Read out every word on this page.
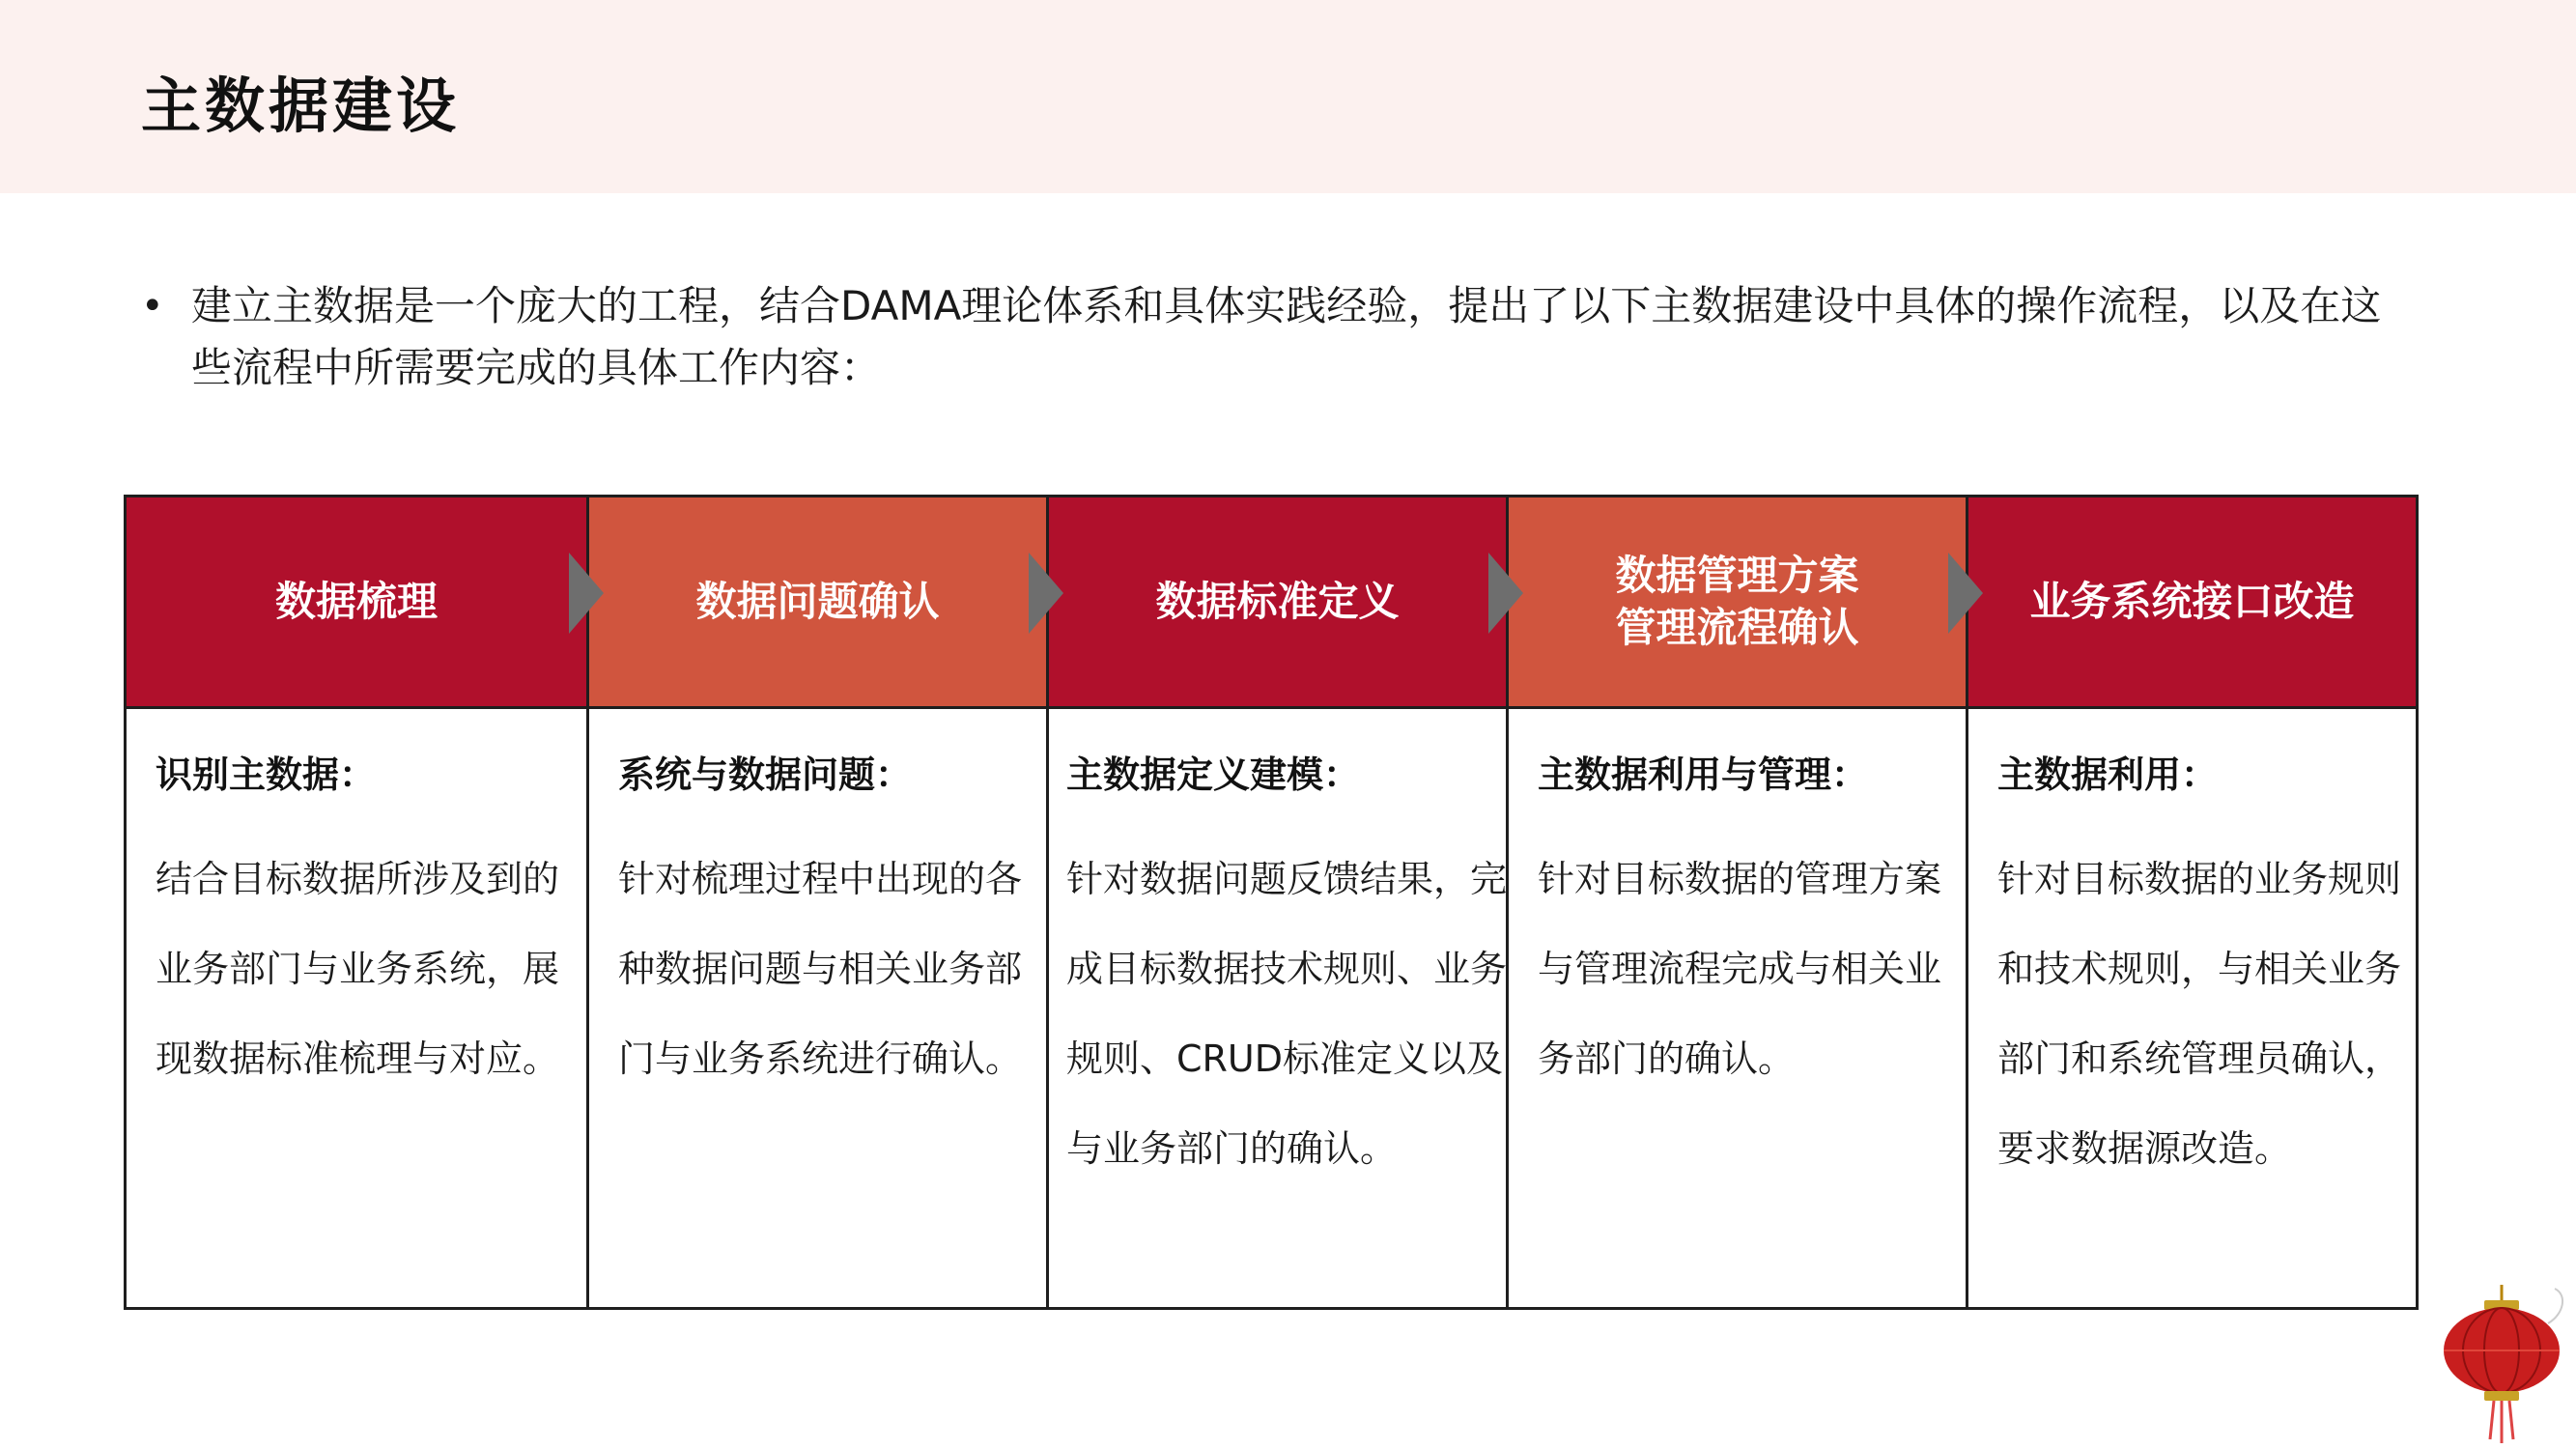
主数据建设
• 建立主数据是一个庞大的工程，结合DAMA理论体系和具体实践经验，提出了以下主数据建设中具体的操作流程，以及在这些流程中所需要完成的具体工作内容：
数据梳理
识别主数据：

结合目标数据所涉及到的业务部门与业务系统，展现数据标准梳理与对应。

数据问题确认
系统与数据问题：

针对梳理过程中出现的各种数据问题与相关业务部门与业务系统进行确认。

数据标准定义
主数据定义建模：

针对数据问题反馈结果，完成目标数据技术规则、业务规则、CRUD标准定义以及与业务部门的确认。

数据管理方案
管理流程确认
主数据利用与管理：

针对目标数据的管理方案与管理流程完成与相关业务部门的确认。

业务系统接口改造
主数据利用：

针对目标数据的业务规则和技术规则，与相关业务部门和系统管理员确认，要求数据源改造。
